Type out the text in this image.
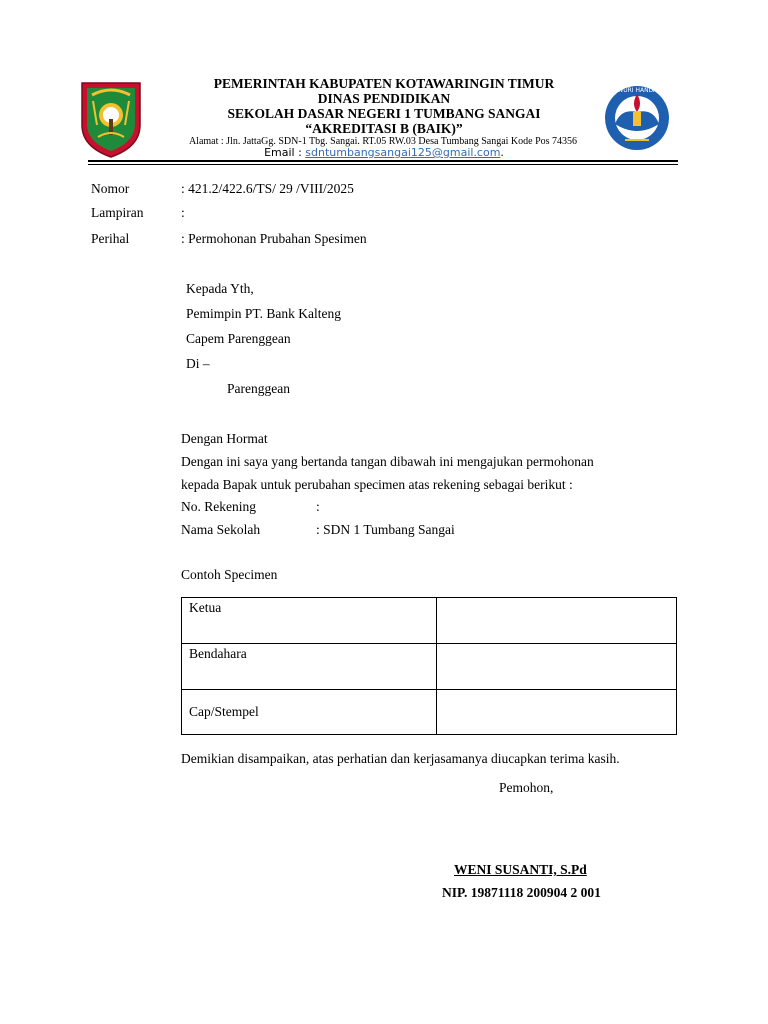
TUT WURI HANDAYANI
PEMERINTAH KABUPATEN KOTAWARINGIN TIMUR
DINAS PENDIDIKAN
SEKOLAH DASAR NEGERI 1 TUMBANG SANGAI
“AKREDITASI B (BAIK)”
Alamat : Jln. JattaGg. SDN-1 Tbg. Sangai. RT.05 RW.03 Desa Tumbang Sangai Kode Pos 74356
Email : sdntumbangsangai125@gmail.com.
Nomor	: 421.2/422.6/TS/ 29 /VIII/2025
Lampiran	:
Perihal	: Permohonan Prubahan Spesimen
Kepada Yth,
Pemimpin PT. Bank Kalteng
Capem Parenggean
Di –
Parenggean
Dengan Hormat
Dengan ini saya yang bertanda tangan dibawah ini mengajukan permohonan
kepada Bapak untuk perubahan specimen atas rekening sebagai berikut :
No. Rekening	:
Nama Sekolah	: SDN 1 Tumbang Sangai
Contoh Specimen
Ketua	
Bendahara	
Cap/Stempel	
Demikian disampaikan, atas perhatian dan kerjasamanya diucapkan terima kasih.
Pemohon,
WENI SUSANTI, S.Pd
NIP. 19871118 200904 2 001
